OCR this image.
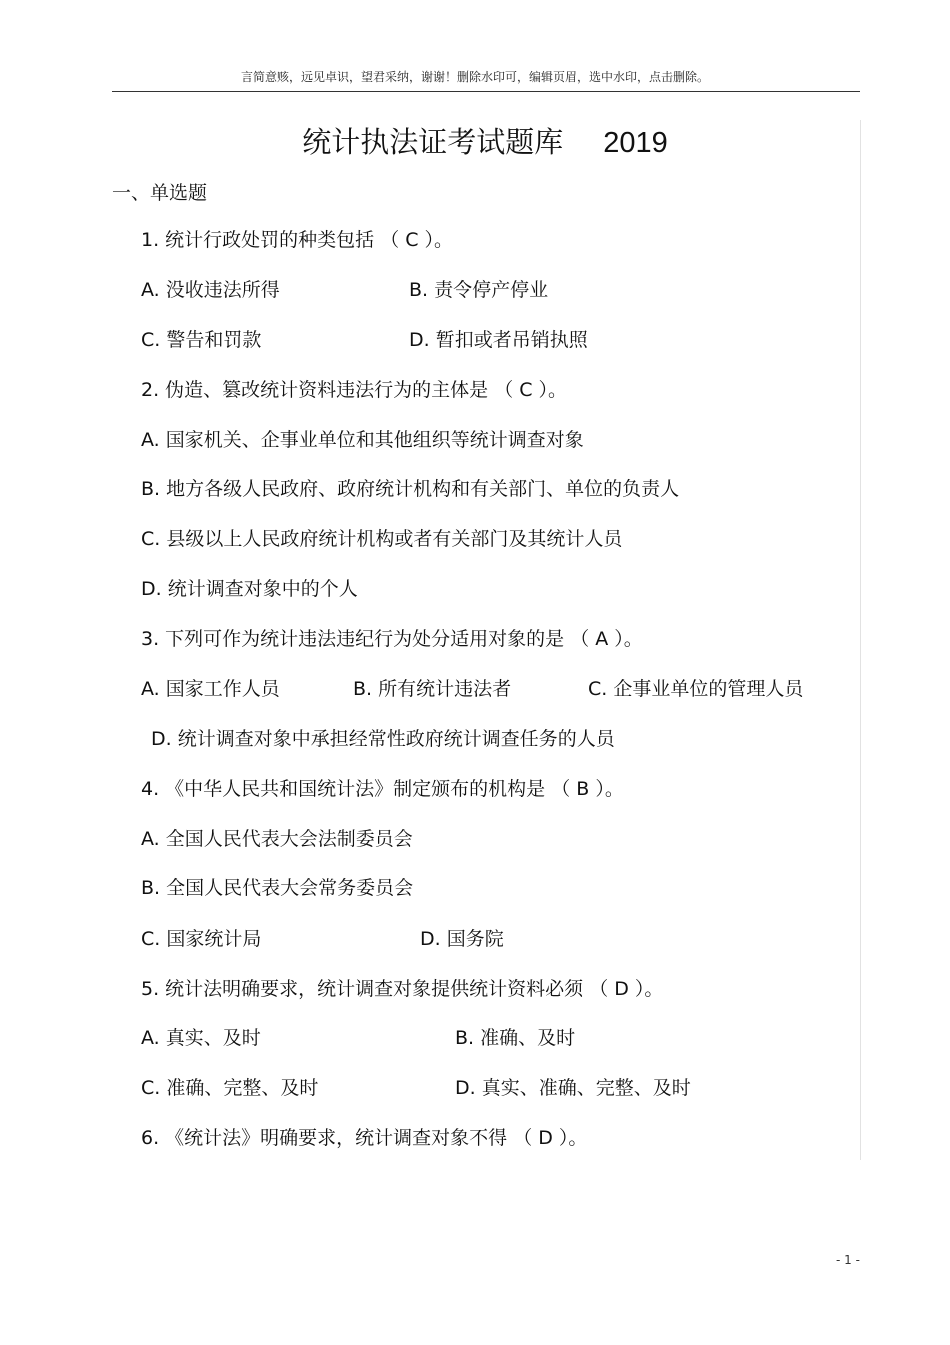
言简意赅，远见卓识，望君采纳，谢谢！删除水印可，编辑页眉，选中水印，点击删除。
统计执法证考试题库 2019
一、单选题
1. 统计行政处罚的种类包括 （ C ）。
A. 没收违法所得	B. 责令停产停业
C. 警告和罚款	D. 暂扣或者吊销执照
2. 伪造、篡改统计资料违法行为的主体是 （ C ）。
A. 国家机关、企事业单位和其他组织等统计调查对象
B. 地方各级人民政府、政府统计机构和有关部门、单位的负责人
C. 县级以上人民政府统计机构或者有关部门及其统计人员
D. 统计调查对象中的个人
3. 下列可作为统计违法违纪行为处分适用对象的是 （ A ）。
A. 国家工作人员	B. 所有统计违法者	C. 企事业单位的管理人员
D. 统计调查对象中承担经常性政府统计调查任务的人员
4. 《中华人民共和国统计法》制定颁布的机构是 （ B ）。
A. 全国人民代表大会法制委员会
B. 全国人民代表大会常务委员会
C. 国家统计局	D. 国务院
5. 统计法明确要求，统计调查对象提供统计资料必须 （ D ）。
A. 真实、及时	B. 准确、及时
C. 准确、完整、及时	D. 真实、准确、完整、及时
6. 《统计法》明确要求，统计调查对象不得 （ D ）。
- 1 -
